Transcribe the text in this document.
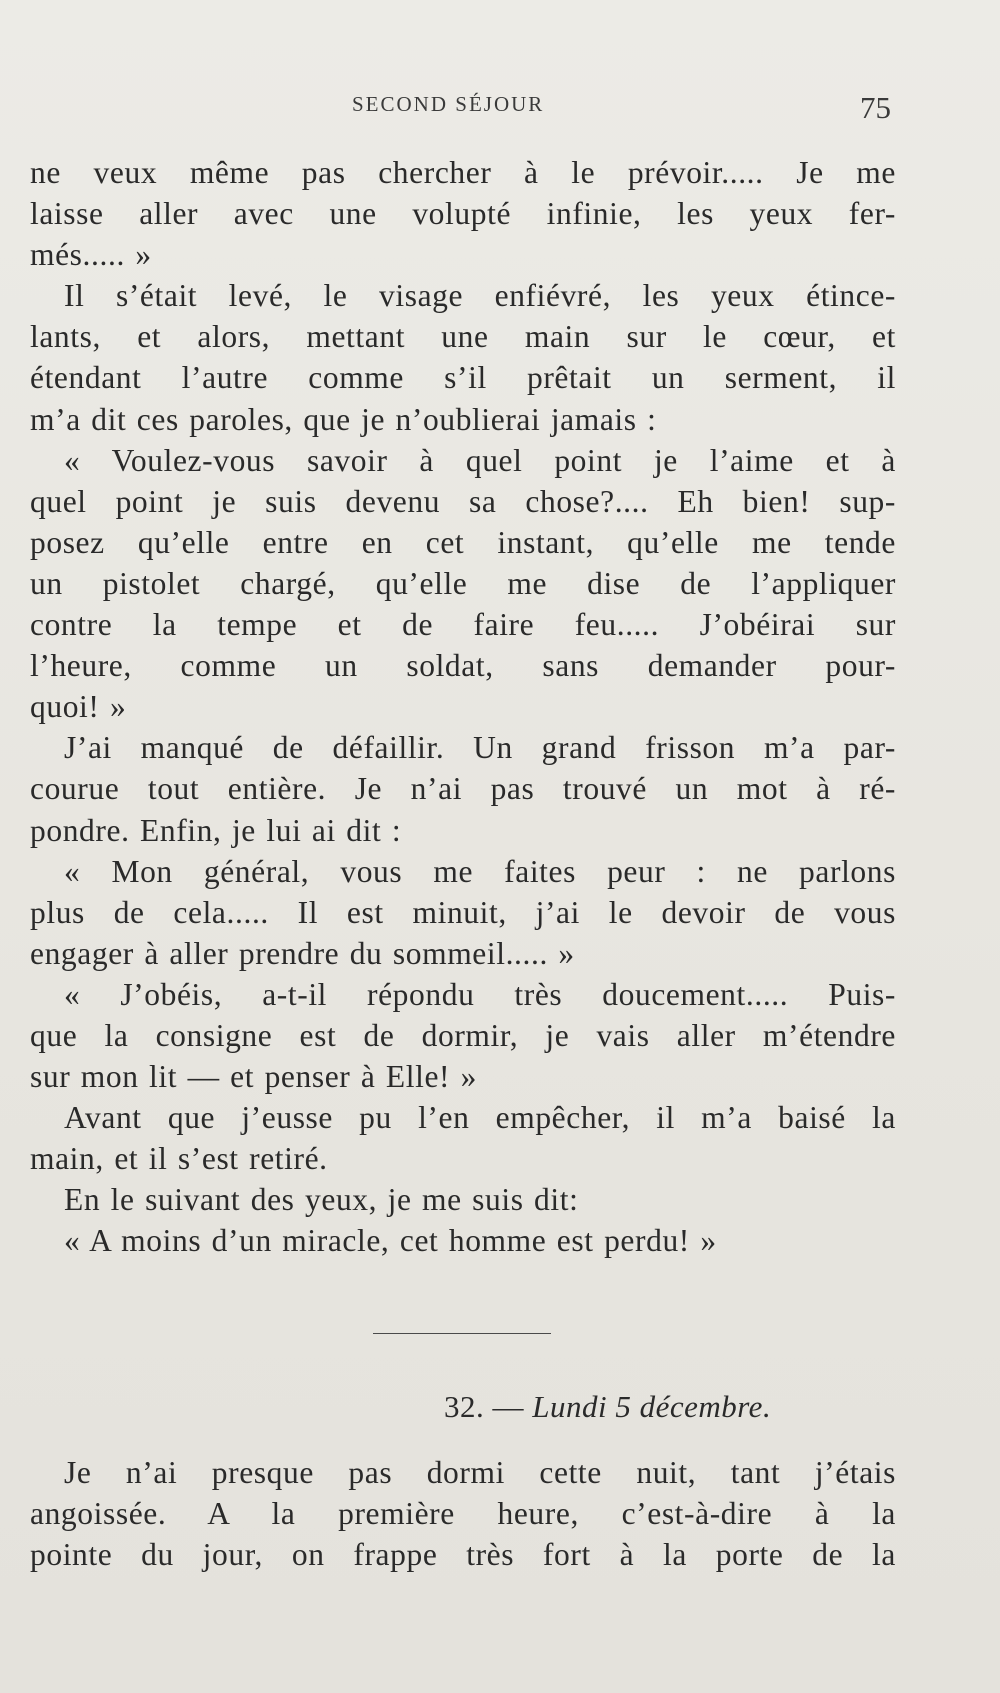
SECOND SÉJOUR	75
ne veux même pas chercher à le prévoir..... Je me
laisse aller avec une volupté infinie, les yeux fer-
més..... »
Il s’était levé, le visage enfiévré, les yeux étince-
lants, et alors, mettant une main sur le cœur, et
étendant l’autre comme s’il prêtait un serment, il
m’a dit ces paroles, que je n’oublierai jamais :
« Voulez-vous savoir à quel point je l’aime et à
quel point je suis devenu sa chose?.... Eh bien! sup-
posez qu’elle entre en cet instant, qu’elle me tende
un pistolet chargé, qu’elle me dise de l’appliquer
contre la tempe et de faire feu..... J’obéirai sur
l’heure, comme un soldat, sans demander pour-
quoi! »
J’ai manqué de défaillir. Un grand frisson m’a par-
courue tout entière. Je n’ai pas trouvé un mot à ré-
pondre. Enfin, je lui ai dit :
« Mon général, vous me faites peur : ne parlons
plus de cela..... Il est minuit, j’ai le devoir de vous
engager à aller prendre du sommeil..... »
« J’obéis, a-t-il répondu très doucement..... Puis-
que la consigne est de dormir, je vais aller m’étendre
sur mon lit — et penser à Elle! »
Avant que j’eusse pu l’en empêcher, il m’a baisé la
main, et il s’est retiré.
En le suivant des yeux, je me suis dit:
« A moins d’un miracle, cet homme est perdu! »
32. — Lundi 5 décembre.
Je n’ai presque pas dormi cette nuit, tant j’étais
angoissée. A la première heure, c’est-à-dire à la
pointe du jour, on frappe très fort à la porte de la
